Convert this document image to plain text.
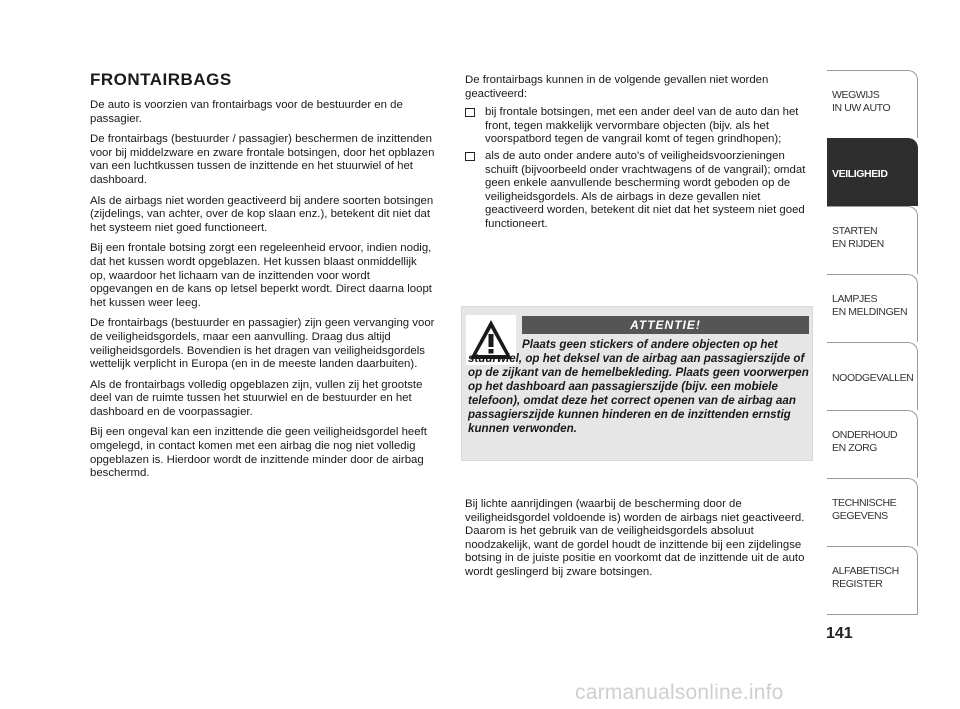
FRONTAIRBAGS

De auto is voorzien van frontairbags voor de bestuurder en de passagier.

De frontairbags (bestuurder / passagier) beschermen de inzittenden voor bij middelzware en zware frontale botsingen, door het opblazen van een luchtkussen tussen de inzittende en het stuurwiel of het dashboard.

Als de airbags niet worden geactiveerd bij andere soorten botsingen (zijdelings, van achter, over de kop slaan enz.), betekent dit niet dat het systeem niet goed functioneert.

Bij een frontale botsing zorgt een regeleenheid ervoor, indien nodig, dat het kussen wordt opgeblazen. Het kussen blaast onmiddellijk op, waardoor het lichaam van de inzittenden voor wordt opgevangen en de kans op letsel beperkt wordt. Direct daarna loopt het kussen weer leeg.

De frontairbags (bestuurder en passagier) zijn geen vervanging voor de veiligheidsgordels, maar een aanvulling. Draag dus altijd veiligheidsgordels. Bovendien is het dragen van veiligheidsgordels wettelijk verplicht in Europa (en in de meeste landen daarbuiten).

Als de frontairbags volledig opgeblazen zijn, vullen zij het grootste deel van de ruimte tussen het stuurwiel en de bestuurder en het dashboard en de voorpassagier.

Bij een ongeval kan een inzittende die geen veiligheidsgordel heeft omgelegd, in contact komen met een airbag die nog niet volledig opgeblazen is. Hierdoor wordt de inzittende minder door de airbag beschermd.

De frontairbags kunnen in de volgende gevallen niet worden geactiveerd:

bij frontale botsingen, met een ander deel van de auto dan het front, tegen makkelijk vervormbare objecten (bijv. als het voorspatbord tegen de vangrail komt of tegen grindhopen);
als de auto onder andere auto's of veiligheidsvoorzieningen schuift (bijvoorbeeld onder vrachtwagens of de vangrail); omdat geen enkele aanvullende bescherming wordt geboden op de veiligheidsgordels. Als de airbags in deze gevallen niet geactiveerd worden, betekent dit niet dat het systeem niet goed functioneert.
ATTENTIE!
Plaats geen stickers of andere objecten op het stuurwiel, op het deksel van de airbag aan passagierszijde of op de zijkant van de hemelbekleding. Plaats geen voorwerpen op het dashboard aan passagierszijde (bijv. een mobiele telefoon), omdat deze het correct openen van de airbag aan passagierszijde kunnen hinderen en de inzittenden ernstig kunnen verwonden.

Bij lichte aanrijdingen (waarbij de bescherming door de veiligheidsgordel voldoende is) worden de airbags niet geactiveerd. Daarom is het gebruik van de veiligheidsgordels absoluut noodzakelijk, want de gordel houdt de inzittende bij een zijdelingse botsing in de juiste positie en voorkomt dat de inzittende uit de auto wordt geslingerd bij zware botsingen.

WEGWIJS
IN UW AUTO
VEILIGHEID
STARTEN
EN RIJDEN
LAMPJES
EN MELDINGEN
NOODGEVALLEN
ONDERHOUD
EN ZORG
TECHNISCHE
GEGEVENS
ALFABETISCH
REGISTER
141
carmanualsonline.info
